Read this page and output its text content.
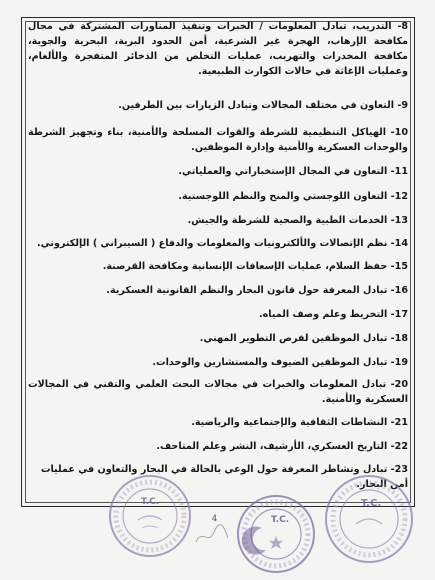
8- التدريب، تبادل المعلومات / الخبرات وتنفيذ المناورات المشتركة في مجال مكافحة الإرهاب، الهجرة غير الشرعية، أمن الحدود البرية، البحرية والجوية، مكافحة المخدرات والتهريب، عمليات التخلص من الذخائر المتفجرة والألغام، وعمليات الإغاثة في حالات الكوارث الطبيعية.
9- التعاون في مختلف المجالات وتبادل الزيارات بين الطرفين.
10- الهياكل التنظيمية للشرطة والقوات المسلحة والأمنية، بناء وتجهيز الشرطة والوحدات العسكرية والأمنية وإدارة الموظفين.
11- التعاون في المجال الإستخباراتي والعملياتي.
12- التعاون اللوجستي والمنح والنظم اللوجستية.
13- الخدمات الطبية والصحية للشرطة والجيش.
14- نظم الإتصالات والألكترونيات والمعلومات والدفاع ( السيبراني ) الإلكتروني.
15- حفظ السلام، عمليات الإسعافات الإنسانية ومكافحة القرصنة.
16- تبادل المعرفة حول قانون البحار والنظم القانونية العسكرية.
17- التخريط وعلم وصف المياه.
18- تبادل الموظفين لفرص التطوير المهني.
19- تبادل الموظفين الضيوف والمستشارين والوحدات.
20- تبادل المعلومات والخبرات في مجالات البحث العلمي والتقني في المجالات العسكرية والأمنية.
21- النشاطات الثقافية والإجتماعية والرياضية.
22- التاريخ العسكري، الأرشيف، النشر وعلم المتاحف.
23- تبادل وتشاطر المعرفة حول الوعي بالحالة في البحار والتعاون في عمليات أمن البحار.
T.C.
4	T.C.
T.C.
